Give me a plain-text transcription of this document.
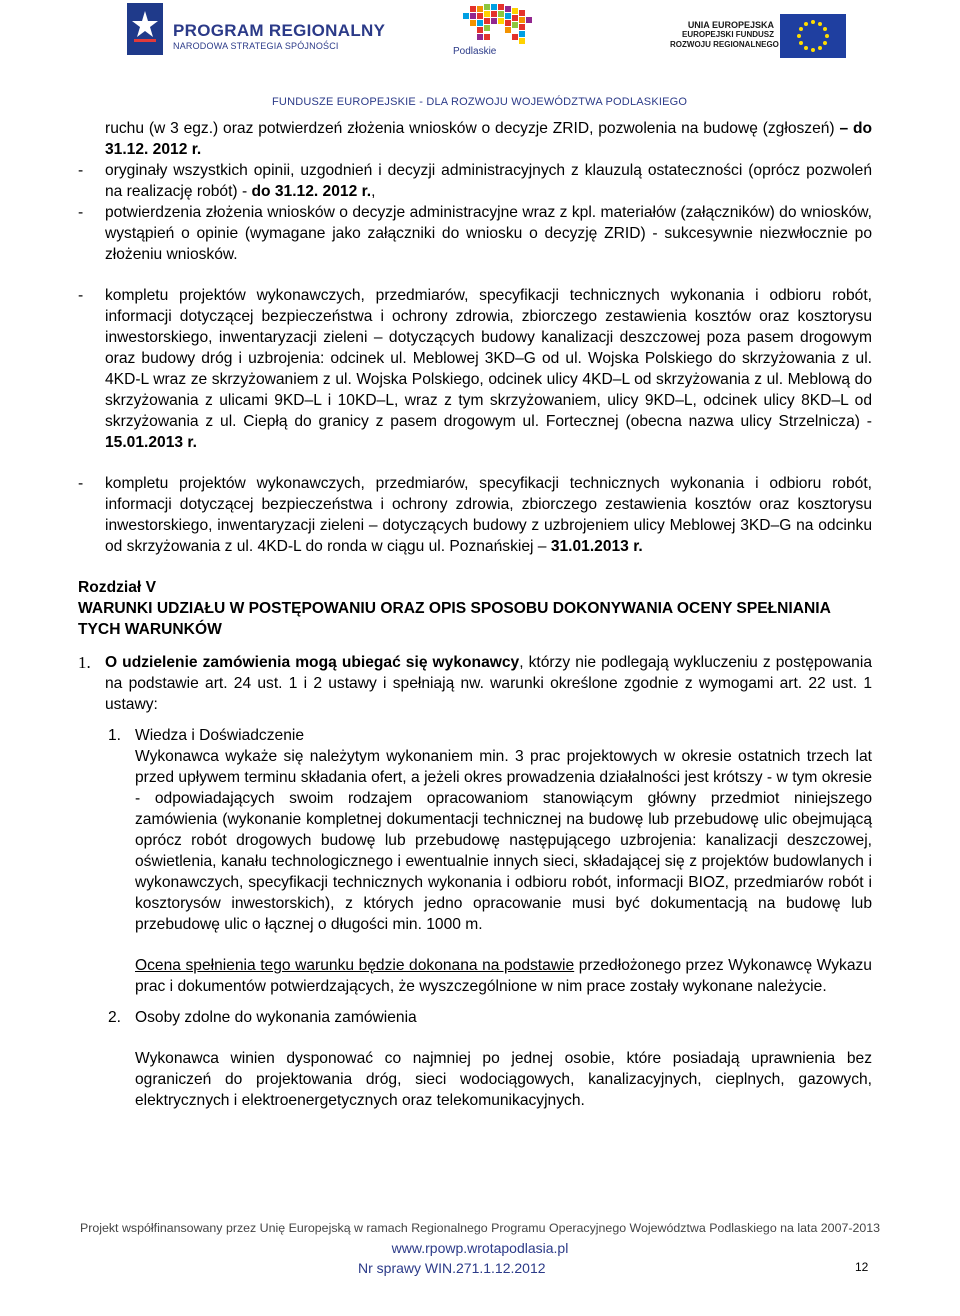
PROGRAM REGIONALNY
NARODOWA STRATEGIA SPÓJNOŚCI	Podlaskie
UNIA EUROPEJSKA
EUROPEJSKI FUNDUSZ
ROZWOJU REGIONALNEGO
FUNDUSZE EUROPEJSKIE - DLA ROZWOJU WOJEWÓDZTWA PODLASKIEGO

ruchu (w 3 egz.) oraz potwierdzeń złożenia wniosków o decyzje ZRID, pozwolenia na budowę (zgłoszeń) – do 31.12. 2012 r.

- oryginały wszystkich opinii, uzgodnień i decyzji administracyjnych z klauzulą ostateczności (oprócz pozwoleń na realizację robót) - do 31.12. 2012 r.,

- potwierdzenia złożenia wniosków o decyzje administracyjne wraz z kpl. materiałów (załączników) do wniosków, wystąpień o opinie (wymagane jako załączniki do wniosku o decyzję ZRID) - sukcesywnie niezwłocznie po złożeniu wniosków.

- kompletu projektów wykonawczych, przedmiarów, specyfikacji technicznych wykonania i odbioru robót, informacji dotyczącej bezpieczeństwa i ochrony zdrowia, zbiorczego zestawienia kosztów oraz kosztorysu inwestorskiego, inwentaryzacji zieleni – dotyczących budowy kanalizacji deszczowej poza pasem drogowym oraz budowy dróg i uzbrojenia: odcinek ul. Meblowej 3KD–G od ul. Wojska Polskiego do skrzyżowania z ul. 4KD-L wraz ze skrzyżowaniem z ul. Wojska Polskiego, odcinek ulicy 4KD–L od skrzyżowania z ul. Meblową do skrzyżowania z ulicami 9KD–L i 10KD–L, wraz z tym skrzyżowaniem, ulicy 9KD–L, odcinek ulicy 8KD–L od skrzyżowania z ul. Ciepłą do granicy z pasem drogowym ul. Fortecznej (obecna nazwa ulicy Strzelnicza) - 15.01.2013 r.

- kompletu projektów wykonawczych, przedmiarów, specyfikacji technicznych wykonania i odbioru robót, informacji dotyczącej bezpieczeństwa i ochrony zdrowia, zbiorczego zestawienia kosztów oraz kosztorysu inwestorskiego, inwentaryzacji zieleni – dotyczących budowy z uzbrojeniem ulicy Meblowej 3KD–G na odcinku od skrzyżowania z ul. 4KD-L do ronda w ciągu ul. Poznańskiej – 31.01.2013 r.

Rozdział V

WARUNKI UDZIAŁU W POSTĘPOWANIU ORAZ OPIS SPOSOBU DOKONYWANIA OCENY SPEŁNIANIA TYCH WARUNKÓW

1. O udzielenie zamówienia mogą ubiegać się wykonawcy, którzy nie podlegają wykluczeniu z postępowania na podstawie art. 24 ust. 1 i 2 ustawy i spełniają nw. warunki określone zgodnie z wymogami art. 22 ust. 1 ustawy:

1. Wiedza i Doświadczenie

Wykonawca wykaże się należytym wykonaniem min. 3 prac projektowych w okresie ostatnich trzech lat przed upływem terminu składania ofert, a jeżeli okres prowadzenia działalności jest krótszy - w tym okresie - odpowiadających swoim rodzajem opracowaniom stanowiącym główny przedmiot niniejszego zamówienia (wykonanie kompletnej dokumentacji technicznej na budowę lub przebudowę ulic obejmującą oprócz robót drogowych budowę lub przebudowę następującego uzbrojenia: kanalizacji deszczowej, oświetlenia, kanału technologicznego i ewentualnie innych sieci, składającej się z projektów budowlanych i wykonawczych, specyfikacji technicznych wykonania i odbioru robót, informacji BIOZ, przedmiarów robót i kosztorysów inwestorskich), z których jedno opracowanie musi być dokumentacją na budowę lub przebudowę ulic o łącznej o długości min. 1000 m.

Ocena spełnienia tego warunku będzie dokonana na podstawie przedłożonego przez Wykonawcę Wykazu prac i dokumentów potwierdzających, że wyszczególnione w nim prace zostały wykonane należycie.

2. Osoby zdolne do wykonania zamówienia

Wykonawca winien dysponować co najmniej po jednej osobie, które posiadają uprawnienia bez ograniczeń do projektowania dróg, sieci wodociągowych, kanalizacyjnych, cieplnych, gazowych, elektrycznych i elektroenergetycznych oraz telekomunikacyjnych.

Projekt współfinansowany przez Unię Europejską w ramach Regionalnego Programu Operacyjnego Województwa Podlaskiego na lata 2007-2013
www.rpowp.wrotapodlasia.pl
Nr sprawy WIN.271.1.12.2012	12
